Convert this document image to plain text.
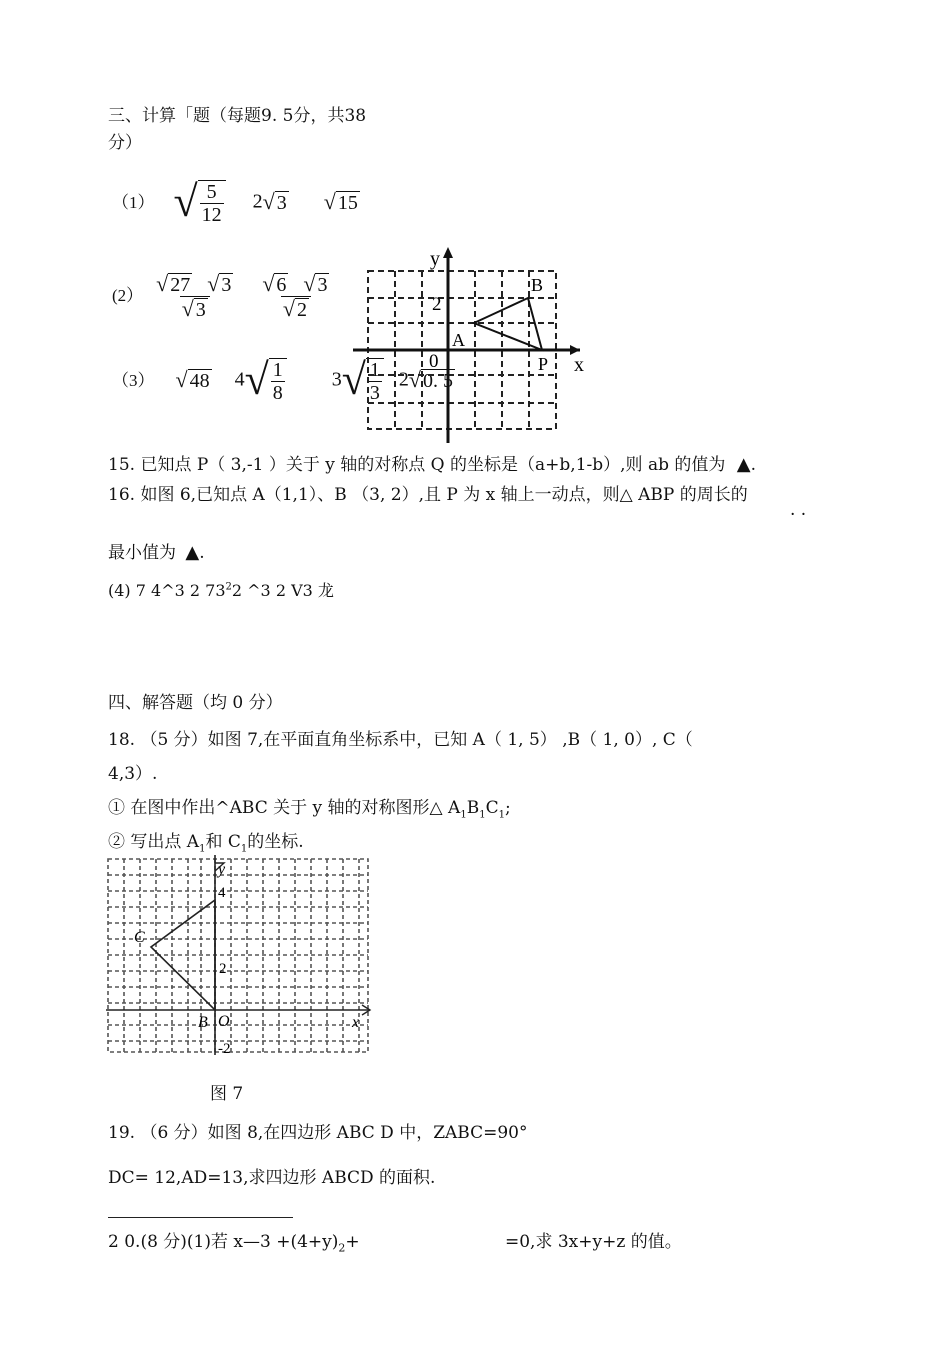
三、计算「题（每题9. 5分，共38
分）
（1） √ $\frac{5}{12} 2$ √ 3
√ 15
(2） √ 27
√ 3
√ 3
√ 6
√ 3
√ 2
（3） √ 48 4 √ $\frac{1}{8} 3$ √ $\frac{1}{3} 2$ √ 0. 5
y
x
0
2
A
B
P
15. 已知点 P（ 3,-1 ）关于 y 轴的对称点 Q 的坐标是（a+b,1-b）,则 ab 的值为 ▲.
16. 如图 6,已知点 A（1,1）、B （3, 2）,且 P 为 x 轴上一动点，则△ ABP 的周长的
· ·
最小值为 ▲.
(4) 7 4^3 2 $73^22$ ^3 2 V3 龙
四、解答题（均 0 分）
18. （5 分）如图 7,在平面直角坐标系中，已知 A（ 1, 5） ,B（ 1, 0）, C（
4,3）.
① 在图中作出^ABC 关于 y 轴的对称图形△ $A_1B_1C_1$;
② 写出点 $A_1$和 $C_1$的坐标.
y
x
O
B
C
4
2
-2
图 7
19. （6 分）如图 8,在四边形 ABC D 中，ZABC=90°
DC= 12,AD=13,求四边形 ABCD 的面积.
2 0.(8 分)(1)若 x—3 $+(4+y)_2+$	=0,求 3x+y+z 的值。
